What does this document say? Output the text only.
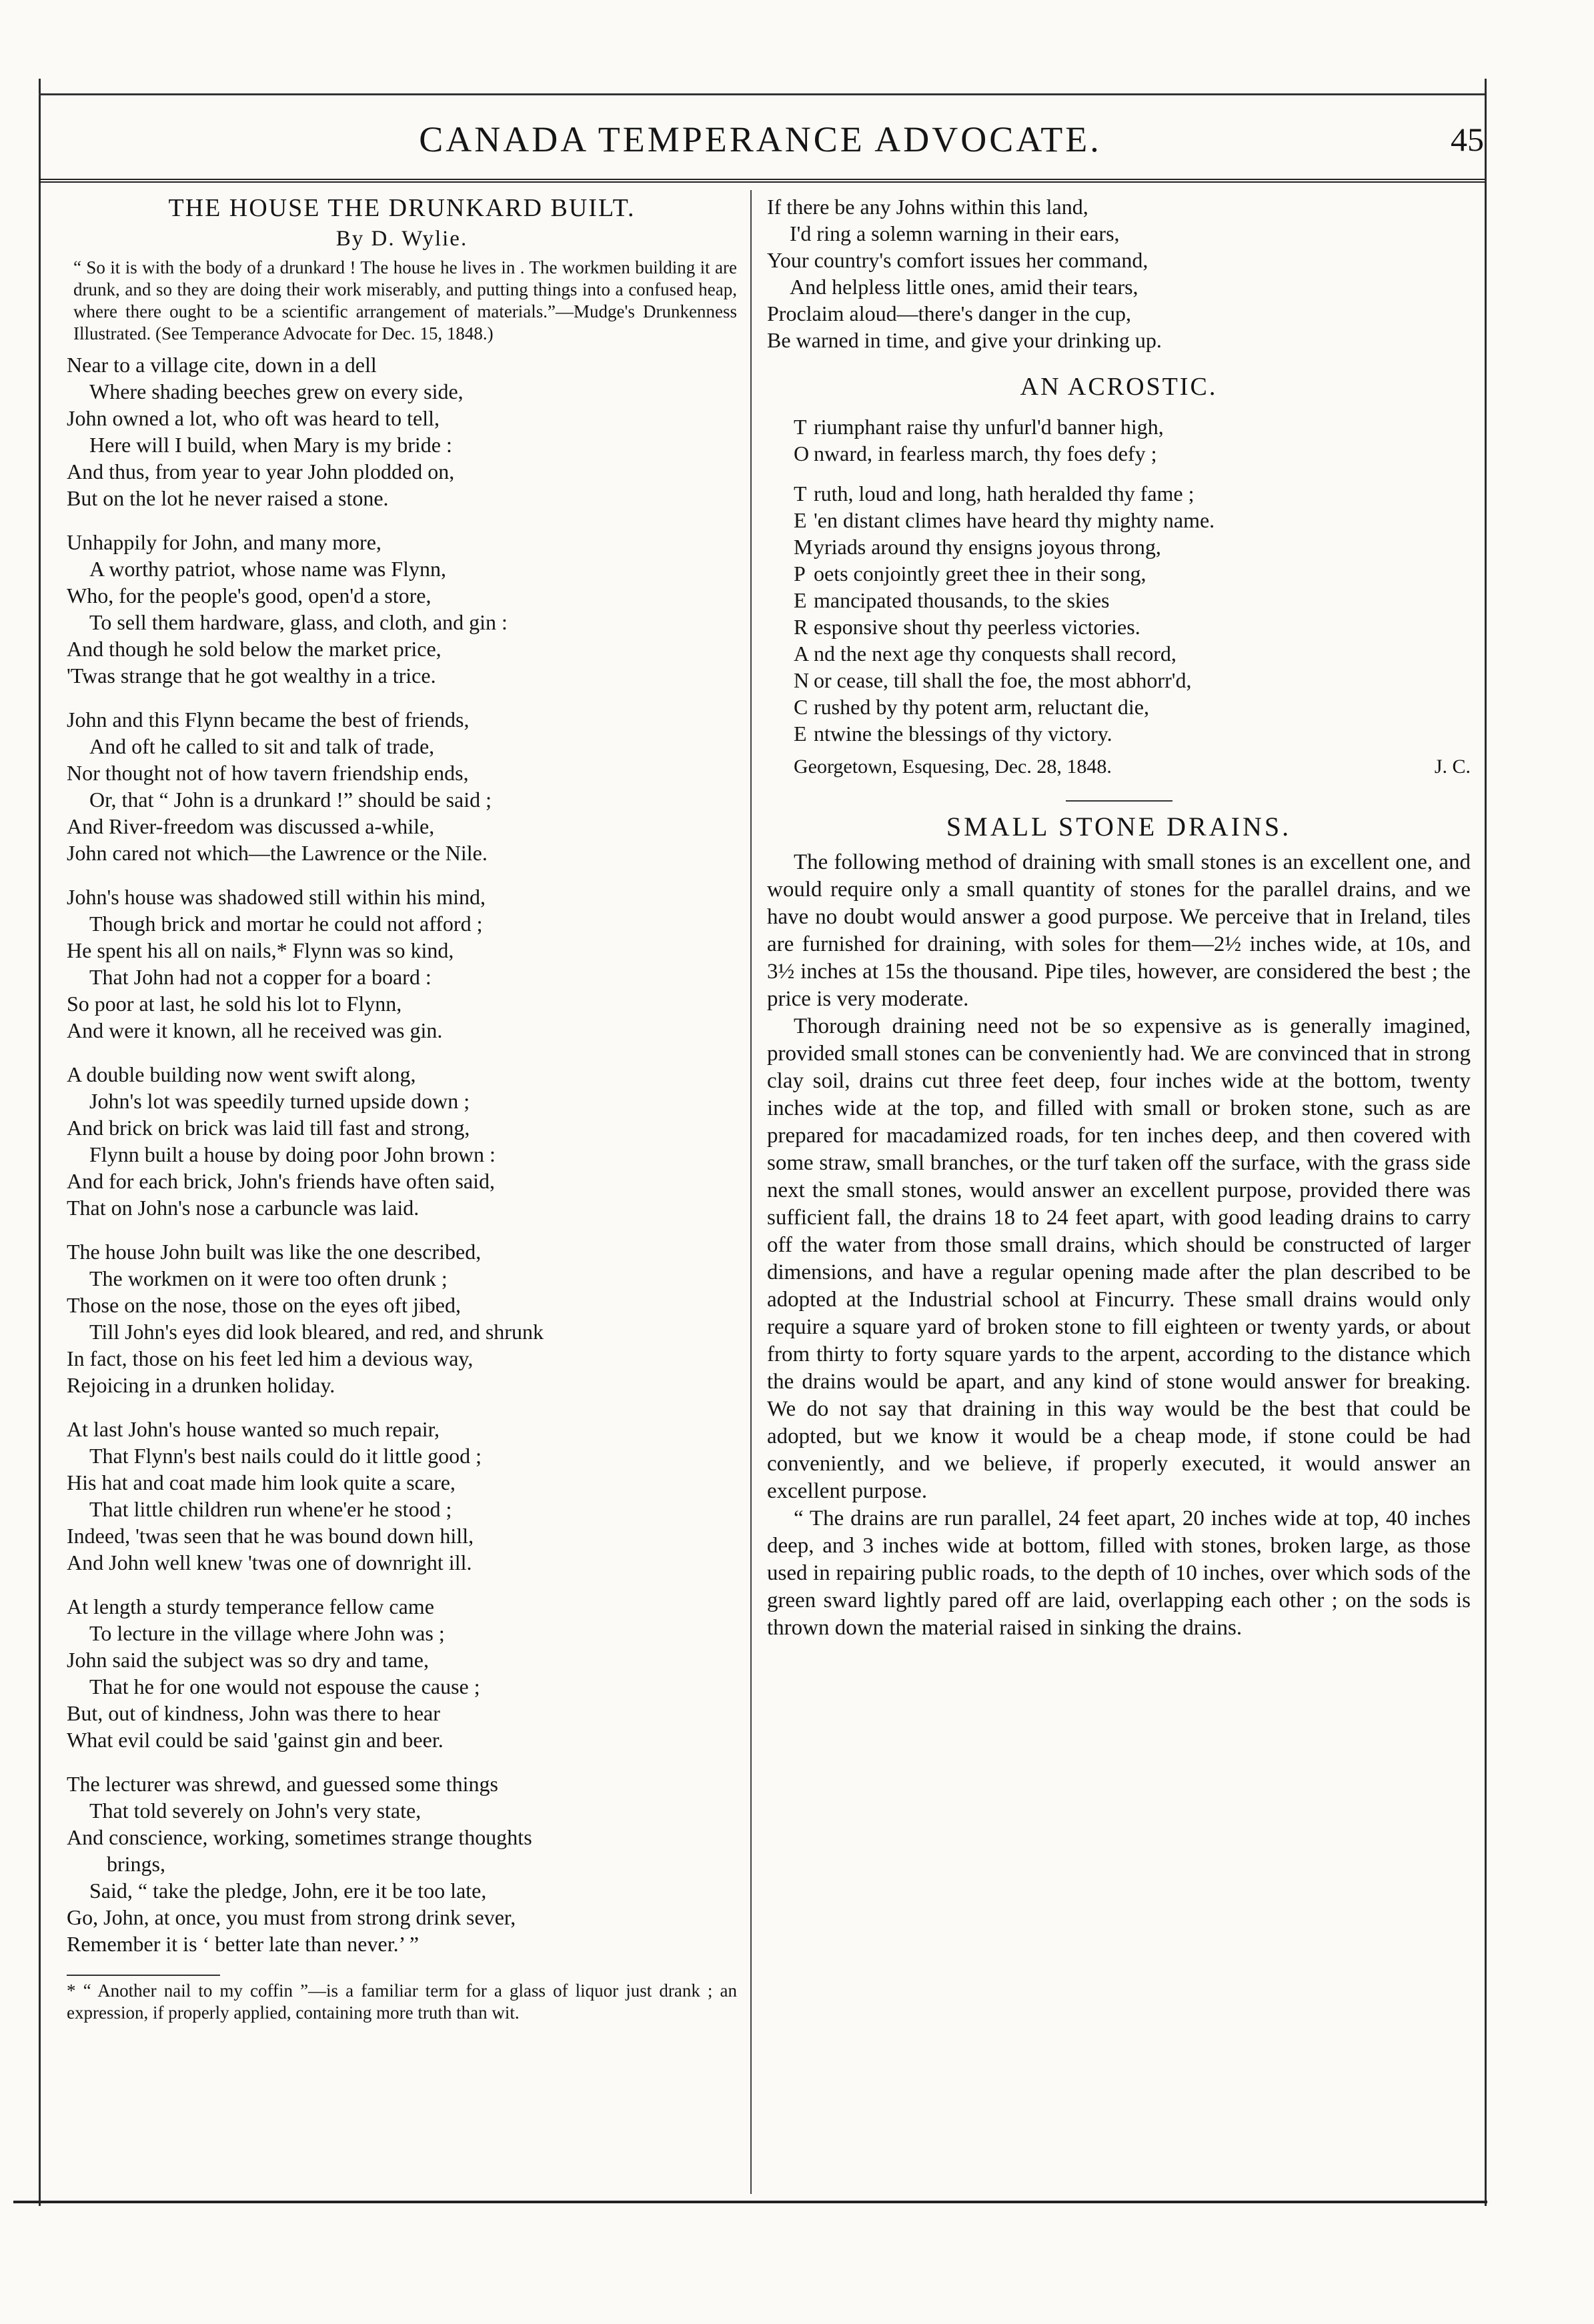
CANADA TEMPERANCE ADVOCATE.	45
THE HOUSE THE DRUNKARD BUILT.
By D. Wylie.
“ So it is with the body of a drunkard ! The house he lives in . The workmen building it are drunk, and so they are doing their work miserably, and putting things into a confused heap, where there ought to be a scientific arrangement of materials.”—Mudge's Drunkenness Illustrated. (See Temperance Advocate for Dec. 15, 1848.)
Near to a village cite, down in a dell
Where shading beeches grew on every side,
John owned a lot, who oft was heard to tell,
Here will I build, when Mary is my bride :
And thus, from year to year John plodded on,
But on the lot he never raised a stone.
Unhappily for John, and many more,
A worthy patriot, whose name was Flynn,
Who, for the people's good, open'd a store,
To sell them hardware, glass, and cloth, and gin :
And though he sold below the market price,
'Twas strange that he got wealthy in a trice.
John and this Flynn became the best of friends,
And oft he called to sit and talk of trade,
Nor thought not of how tavern friendship ends,
Or, that “ John is a drunkard !” should be said ;
And River-freedom was discussed a-while,
John cared not which—the Lawrence or the Nile.
John's house was shadowed still within his mind,
Though brick and mortar he could not afford ;
He spent his all on nails,* Flynn was so kind,
That John had not a copper for a board :
So poor at last, he sold his lot to Flynn,
And were it known, all he received was gin.
A double building now went swift along,
John's lot was speedily turned upside down ;
And brick on brick was laid till fast and strong,
Flynn built a house by doing poor John brown :
And for each brick, John's friends have often said,
That on John's nose a carbuncle was laid.
The house John built was like the one described,
The workmen on it were too often drunk ;
Those on the nose, those on the eyes oft jibed,
Till John's eyes did look bleared, and red, and shrunk
In fact, those on his feet led him a devious way,
Rejoicing in a drunken holiday.
At last John's house wanted so much repair,
That Flynn's best nails could do it little good ;
His hat and coat made him look quite a scare,
That little children run whene'er he stood ;
Indeed, 'twas seen that he was bound down hill,
And John well knew 'twas one of downright ill.
At length a sturdy temperance fellow came
To lecture in the village where John was ;
John said the subject was so dry and tame,
That he for one would not espouse the cause ;
But, out of kindness, John was there to hear
What evil could be said 'gainst gin and beer.
The lecturer was shrewd, and guessed some things
That told severely on John's very state,
And conscience, working, sometimes strange thoughts
brings,
Said, “ take the pledge, John, ere it be too late,
Go, John, at once, you must from strong drink sever,
Remember it is ‘ better late than never.’ ”
* “ Another nail to my coffin ”—is a familiar term for a glass of liquor just drank ; an expression, if properly applied, containing more truth than wit.
If there be any Johns within this land,
I'd ring a solemn warning in their ears,
Your country's comfort issues her command,
And helpless little ones, amid their tears,
Proclaim aloud—there's danger in the cup,
Be warned in time, and give your drinking up.
AN ACROSTIC.
T riumphant raise thy unfurl'd banner high,
O nward, in fearless march, thy foes defy ;
T ruth, loud and long, hath heralded thy fame ;
E 'en distant climes have heard thy mighty name.
Myriads around thy ensigns joyous throng,
P oets conjointly greet thee in their song,
E mancipated thousands, to the skies
R esponsive shout thy peerless victories.
A nd the next age thy conquests shall record,
N or cease, till shall the foe, the most abhorr'd,
C rushed by thy potent arm, reluctant die,
E ntwine the blessings of thy victory.
Georgetown, Esquesing, Dec. 28, 1848.	J. C.
SMALL STONE DRAINS.

The following method of draining with small stones is an excellent one, and would require only a small quantity of stones for the parallel drains, and we have no doubt would answer a good purpose. We perceive that in Ireland, tiles are furnished for draining, with soles for them—2½ inches wide, at 10s, and 3½ inches at 15s the thousand. Pipe tiles, however, are considered the best ; the price is very moderate.

Thorough draining need not be so expensive as is generally imagined, provided small stones can be conveniently had. We are convinced that in strong clay soil, drains cut three feet deep, four inches wide at the bottom, twenty inches wide at the top, and filled with small or broken stone, such as are prepared for macadamized roads, for ten inches deep, and then covered with some straw, small branches, or the turf taken off the surface, with the grass side next the small stones, would answer an excellent purpose, provided there was sufficient fall, the drains 18 to 24 feet apart, with good leading drains to carry off the water from those small drains, which should be constructed of larger dimensions, and have a regular opening made after the plan described to be adopted at the Industrial school at Fincurry. These small drains would only require a square yard of broken stone to fill eighteen or twenty yards, or about from thirty to forty square yards to the arpent, according to the distance which the drains would be apart, and any kind of stone would answer for breaking. We do not say that draining in this way would be the best that could be adopted, but we know it would be a cheap mode, if stone could be had conveniently, and we believe, if properly executed, it would answer an excellent purpose.

“ The drains are run parallel, 24 feet apart, 20 inches wide at top, 40 inches deep, and 3 inches wide at bottom, filled with stones, broken large, as those used in repairing public roads, to the depth of 10 inches, over which sods of the green sward lightly pared off are laid, overlapping each other ; on the sods is thrown down the material raised in sinking the drains.
